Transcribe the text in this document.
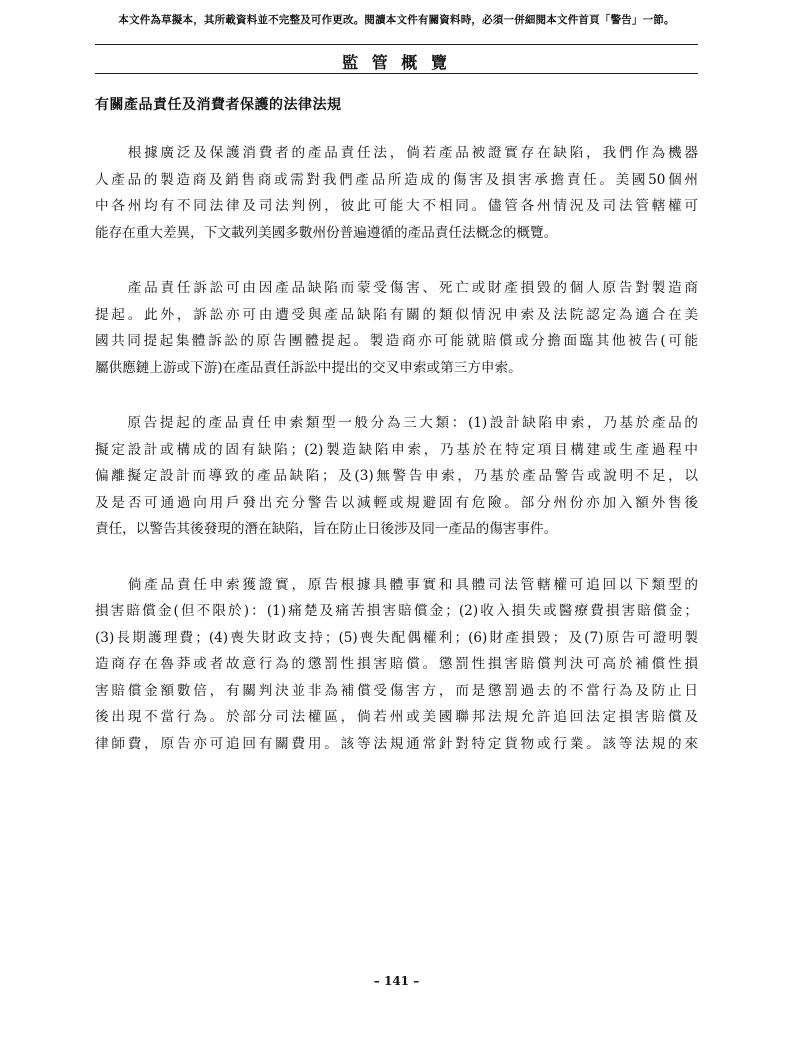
本文件為草擬本，其所載資料並不完整及可作更改。閱讀本文件有關資料時，必須一併細閱本文件首頁「警告」一節。
監 管 概 覽
有關產品責任及消費者保護的法律法規
　　根據廣泛及保護消費者的產品責任法，倘若產品被證實存在缺陷，我們作為機器
人產品的製造商及銷售商或需對我們產品所造成的傷害及損害承擔責任。美國50個州
中各州均有不同法律及司法判例，彼此可能大不相同。儘管各州情況及司法管轄權可
能存在重大差異，下文載列美國多數州份普遍遵循的產品責任法概念的概覽。
　　產品責任訴訟可由因產品缺陷而蒙受傷害、死亡或財產損毀的個人原告對製造商
提起。此外，訴訟亦可由遭受與產品缺陷有關的類似情況申索及法院認定為適合在美
國共同提起集體訴訟的原告團體提起。製造商亦可能就賠償或分擔面臨其他被告(可能
屬供應鏈上游或下游)在產品責任訴訟中提出的交叉申索或第三方申索。
　　原告提起的產品責任申索類型一般分為三大類：(1)設計缺陷申索，乃基於產品的
擬定設計或構成的固有缺陷；(2)製造缺陷申索，乃基於在特定項目構建或生產過程中
偏離擬定設計而導致的產品缺陷；及(3)無警告申索，乃基於產品警告或說明不足，以
及是否可通過向用戶發出充分警告以減輕或規避固有危險。部分州份亦加入額外售後
責任，以警告其後發現的潛在缺陷，旨在防止日後涉及同一產品的傷害事件。
　　倘產品責任申索獲證實，原告根據具體事實和具體司法管轄權可追回以下類型的
損害賠償金(但不限於)：(1)痛楚及痛苦損害賠償金；(2)收入損失或醫療費損害賠償金；
(3)長期護理費；(4)喪失財政支持；(5)喪失配偶權利；(6)財產損毀；及(7)原告可證明製
造商存在魯莽或者故意行為的懲罰性損害賠償。懲罰性損害賠償判決可高於補償性損
害賠償金額數倍，有關判決並非為補償受傷害方，而是懲罰過去的不當行為及防止日
後出現不當行為。於部分司法權區，倘若州或美國聯邦法規允許追回法定損害賠償及
律師費，原告亦可追回有關費用。該等法規通常針對特定貨物或行業。該等法規的來
– 141 –
